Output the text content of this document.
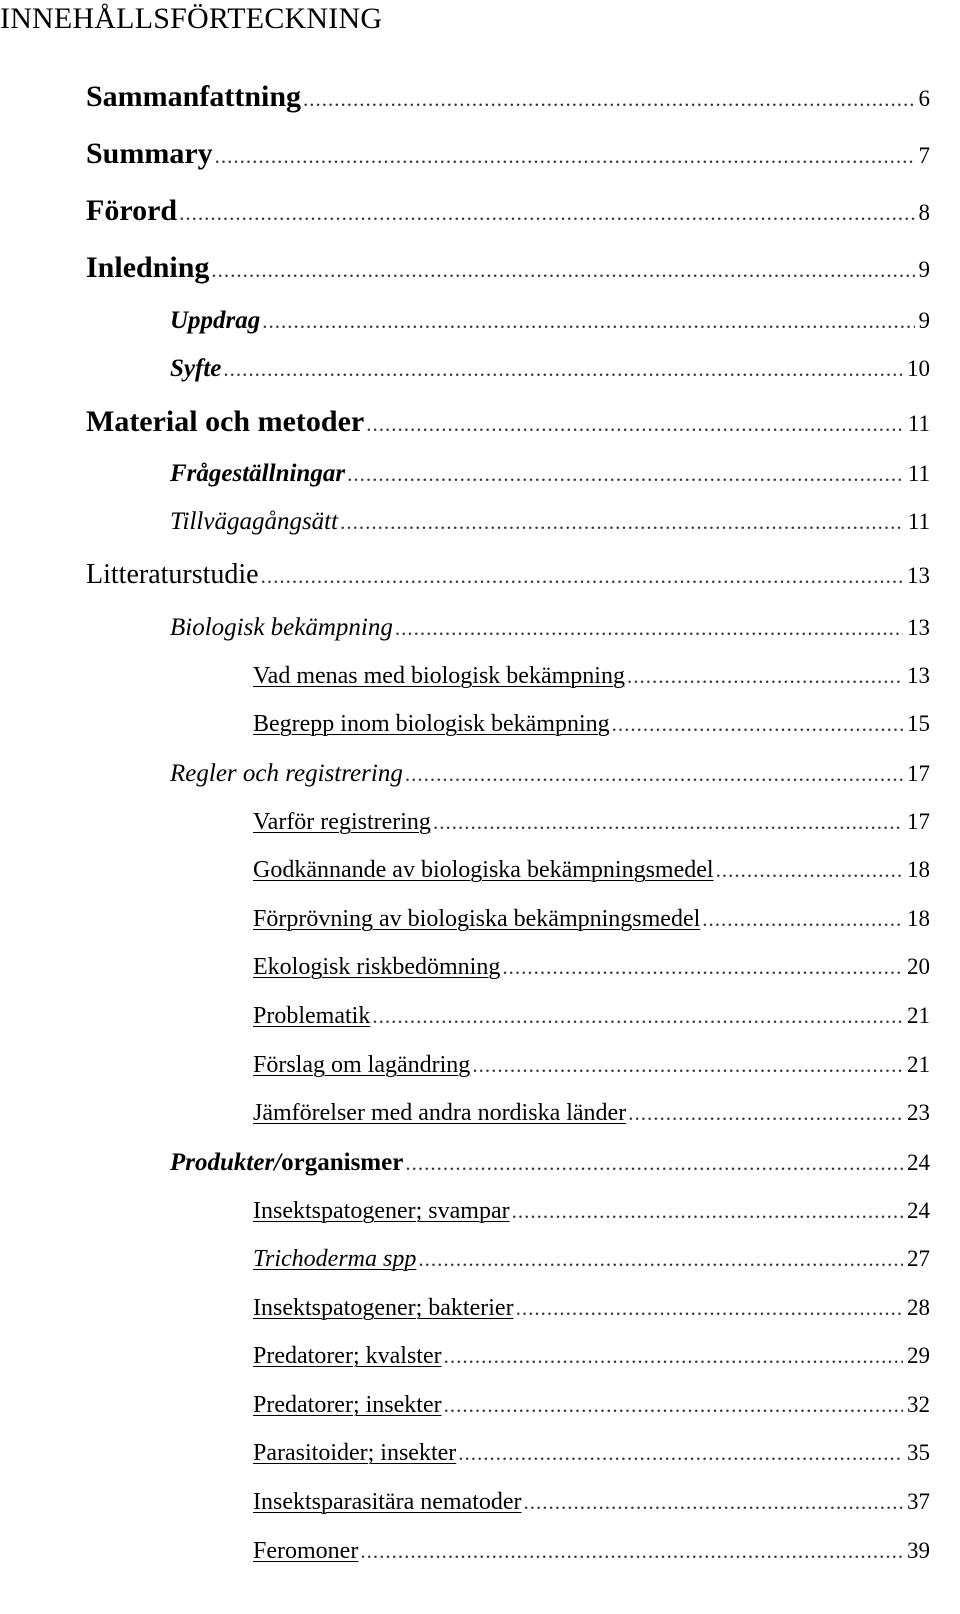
INNEHÅLLSFÖRTECKNING
Sammanfattning .....	6
Summary .....	7
Förord .....	8
Inledning .....	9
Uppdrag .....	9
Syfte .....	10
Material och metoder .....	11
Frågeställningar .....	11
Tillvägagångsätt .....	11
Litteraturstudie .....	13
Biologisk bekämpning .....	13
Vad menas med biologisk bekämpning .....	13
Begrepp inom biologisk bekämpning .....	15
Regler och registrering .....	17
Varför registrering .....	17
Godkännande av biologiska bekämpningsmedel .....	18
Förprövning av biologiska bekämpningsmedel .....	18
Ekologisk riskbedömning .....	20
Problematik .....	21
Förslag om lagändring .....	21
Jämförelser med andra nordiska länder .....	23
Produkter/organismer .....	24
Insektspatogener; svampar .....	24
Trichoderma spp .....	27
Insektspatogener; bakterier .....	28
Predatorer; kvalster .....	29
Predatorer; insekter .....	32
Parasitoider; insekter .....	35
Insektsparasitära nematoder .....	37
Feromoner .....	39
